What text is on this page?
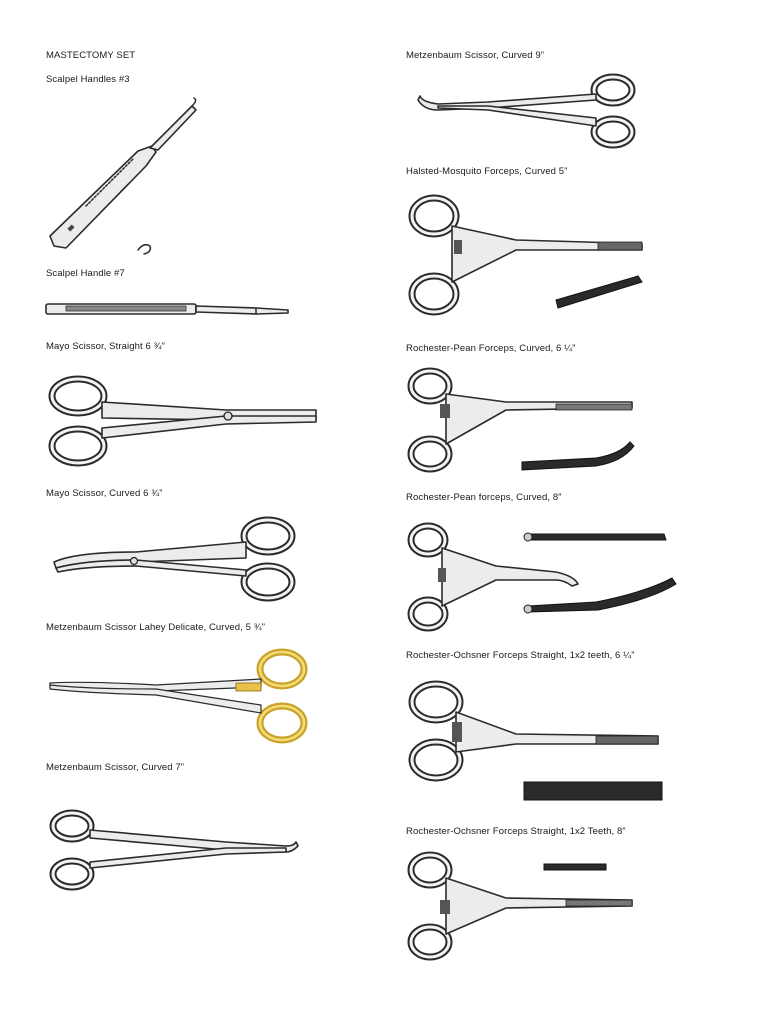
MASTECTOMY SET
Scalpel Handles #3
Scalpel Handle #7
Mayo Scissor, Straight 6 ¾”
Mayo Scissor, Curved 6 ¾”
Metzenbaum Scissor Lahey Delicate, Curved, 5 ¾”
Metzenbaum Scissor, Curved 7”
Metzenbaum Scissor, Curved 9”
Halsted-Mosquito Forceps, Curved 5”
Rochester-Pean Forceps, Curved, 6 ¼”
Rochester-Pean forceps, Curved, 8”
Rochester-Ochsner Forceps Straight, 1x2 teeth, 6 ¼”
Rochester-Ochsner Forceps Straight, 1x2 Teeth, 8”
